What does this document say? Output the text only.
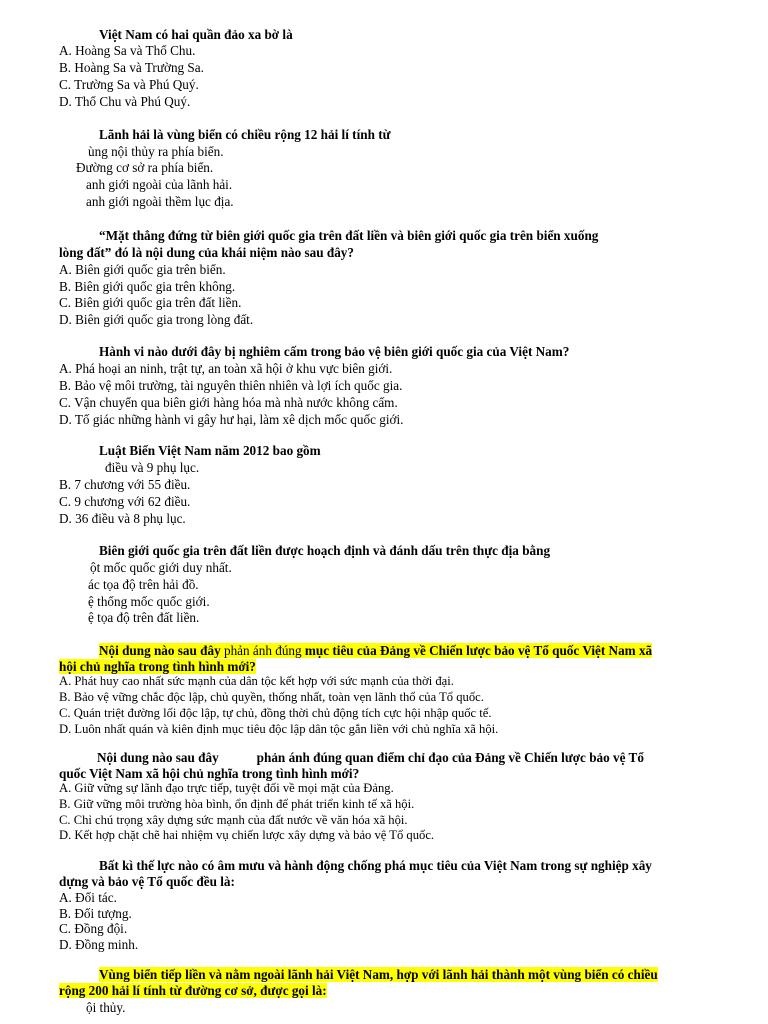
Việt Nam có hai quần đảo xa bờ là
A. Hoàng Sa và Thổ Chu.
B. Hoàng Sa và Trường Sa.
C. Trường Sa và Phú Quý.
D. Thổ Chu và Phú Quý.
Lãnh hải là vùng biển có chiều rộng 12 hải lí tính từ
ùng nội thủy ra phía biển.
Đường cơ sở ra phía biển.
anh giới ngoài của lãnh hải.
anh giới ngoài thềm lục địa.
“Mặt thẳng đứng từ biên giới quốc gia trên đất liền và biên giới quốc gia trên biển xuống
lòng đất” đó là nội dung của khái niệm nào sau đây?
A. Biên giới quốc gia trên biển.
B. Biên giới quốc gia trên không.
C. Biên giới quốc gia trên đất liền.
D. Biên giới quốc gia trong lòng đất.
Hành vi nào dưới đây bị nghiêm cấm trong bảo vệ biên giới quốc gia của Việt Nam?
A. Phá hoại an ninh, trật tự, an toàn xã hội ở khu vực biên giới.
B. Bảo vệ môi trường, tài nguyên thiên nhiên và lợi ích quốc gia.
C. Vận chuyển qua biên giới hàng hóa mà nhà nước không cấm.
D. Tố giác những hành vi gây hư hại, làm xê dịch mốc quốc giới.
Luật Biển Việt Nam năm 2012 bao gồm
điều và 9 phụ lục.
B. 7 chương với 55 điều.
C. 9 chương với 62 điều.
D. 36 điều và 8 phụ lục.
Biên giới quốc gia trên đất liền được hoạch định và đánh dấu trên thực địa bằng
ột mốc quốc giới duy nhất.
ác tọa độ trên hải đồ.
ệ thống mốc quốc giới.
ệ tọa độ trên đất liền.
Nội dung nào sau đây phản ánh đúng mục tiêu của Đảng về Chiến lược bảo vệ Tổ quốc Việt Nam xã
hội chủ nghĩa trong tình hình mới?
A. Phát huy cao nhất sức mạnh của dân tộc kết hợp với sức mạnh của thời đại.
B. Bảo vệ vững chắc độc lập, chủ quyền, thống nhất, toàn vẹn lãnh thổ của Tổ quốc.
C. Quán triệt đường lối độc lập, tự chủ, đồng thời chủ động tích cực hội nhập quốc tế.
D. Luôn nhất quán và kiên định mục tiêu độc lập dân tộc gắn liền với chủ nghĩa xã hội.
Nội dung nào sau đây	phản ánh đúng quan điểm chỉ đạo của Đảng về Chiến lược bảo vệ Tổ
quốc Việt Nam xã hội chủ nghĩa trong tình hình mới?
A. Giữ vững sự lãnh đạo trực tiếp, tuyệt đối về mọi mặt của Đảng.
B. Giữ vững môi trường hòa bình, ổn định để phát triển kinh tế xã hội.
C. Chỉ chú trọng xây dựng sức mạnh của đất nước về văn hóa xã hội.
D. Kết hợp chặt chẽ hai nhiệm vụ chiến lược xây dựng và bảo vệ Tổ quốc.
Bất kì thế lực nào có âm mưu và hành động chống phá mục tiêu của Việt Nam trong sự nghiệp xây
dựng và bảo vệ Tổ quốc đều là:
A. Đối tác.
B. Đối tượng.
C. Đồng đội.
D. Đồng minh.
Vùng biển tiếp liền và nằm ngoài lãnh hải Việt Nam, hợp với lãnh hải thành một vùng biển có chiều
rộng 200 hải lí tính từ đường cơ sở, được gọi là:
ội thủy.
